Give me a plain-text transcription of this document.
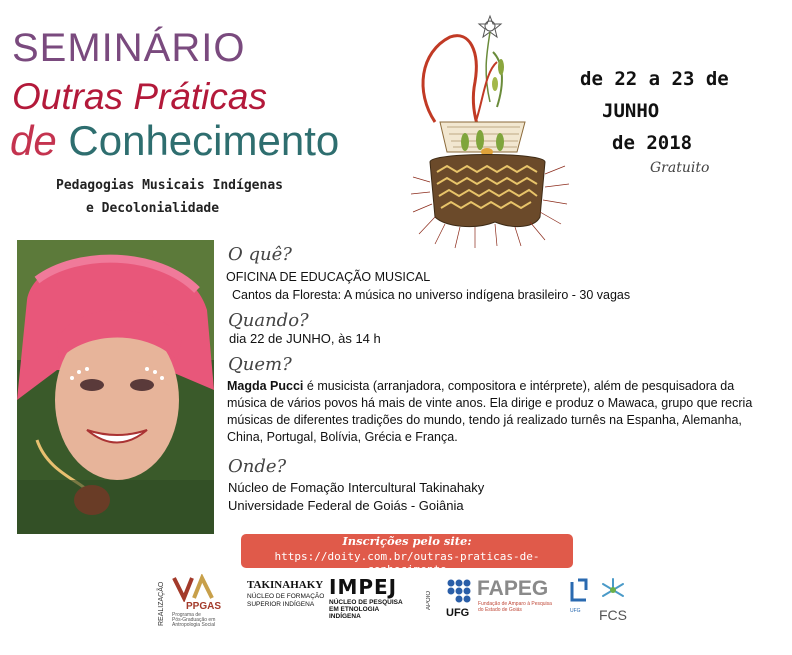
SEMINÁRIO
Outras Práticas
de Conhecimento
Pedagogias Musicais Indígenas
e Decolonialidade
de 22 a 23 de
JUNHO
de 2018
Gratuito
O quê?
OFICINA DE EDUCAÇÃO MUSICAL
Cantos da Floresta: A música no universo indígena brasileiro - 30 vagas
Quando?
dia 22 de JUNHO, às 14 h
Quem?
Magda Pucci é musicista (arranjadora, compositora e intérprete), além de pesquisadora da música de vários povos há mais de vinte anos. Ela dirige e produz o Mawaca, grupo que recria músicas de diferentes tradições do mundo, tendo já realizado turnês na Espanha, Alemanha, China, Portugal, Bolívia, Grécia e França.
Onde?
Núcleo de Fomação Intercultural Takinahaky
Universidade Federal de Goiás - Goiânia
Inscrições pelo site:
https://doity.com.br/outras-praticas-de-conhecimento
REALIZAÇÃO	PPGAS
Programa de
Pós-Graduação em
Antropologia Social
TAKINAHAKY
NÚCLEO DE FORMAÇÃO
SUPERIOR INDÍGENA
IMPEJ
NÚCLEO DE PESQUISA
EM ETNOLOGIA
INDÍGENA
APOIO
UFG
FAPEG
Fundação de Amparo à Pesquisa
do Estado de Goiás	UFG FCS
